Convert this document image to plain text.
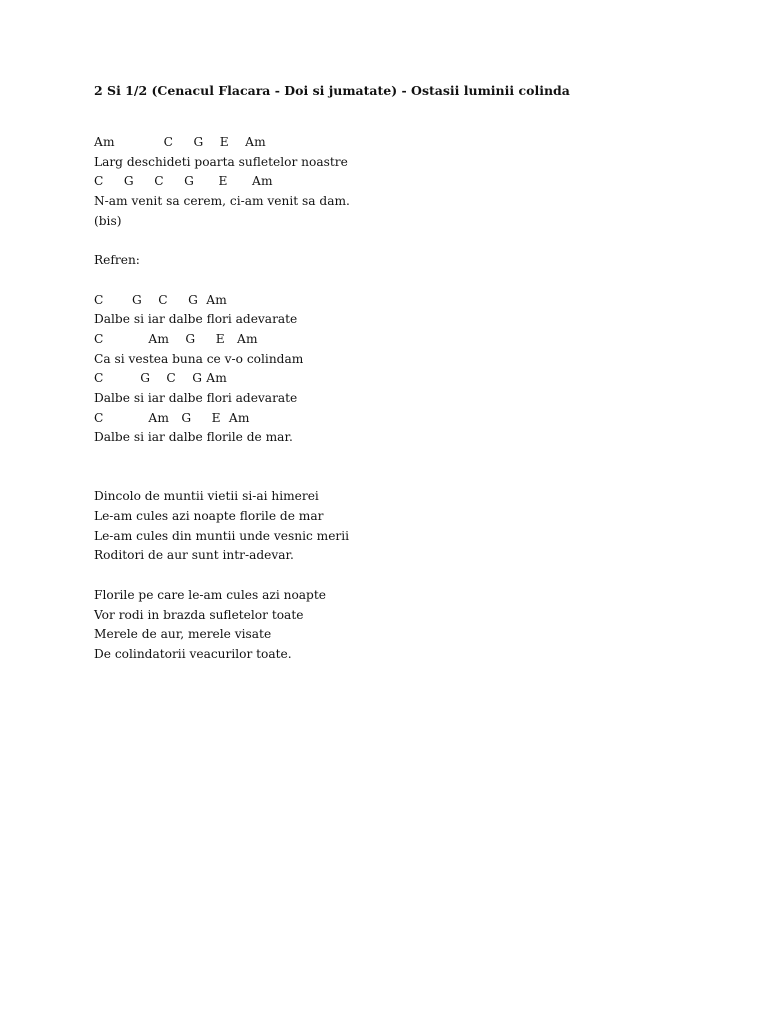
2 Si 1/2 (Cenacul Flacara - Doi si jumatate) - Ostasii luminii colinda
Am            C     G    E    Am
Larg deschideti poarta sufletelor noastre
C     G     C     G      E      Am
N-am venit sa cerem, ci-am venit sa dam.
(bis)
Refren:
C       G    C     G  Am
Dalbe si iar dalbe flori adevarate
C           Am    G     E   Am
Ca si vestea buna ce v-o colindam
C         G    C    G Am
Dalbe si iar dalbe flori adevarate
C           Am   G     E  Am
Dalbe si iar dalbe florile de mar.
Dincolo de muntii vietii si-ai himerei
Le-am cules azi noapte florile de mar
Le-am cules din muntii unde vesnic merii
Roditori de aur sunt intr-adevar.
Florile pe care le-am cules azi noapte
Vor rodi in brazda sufletelor toate
Merele de aur, merele visate
De colindatorii veacurilor toate.
